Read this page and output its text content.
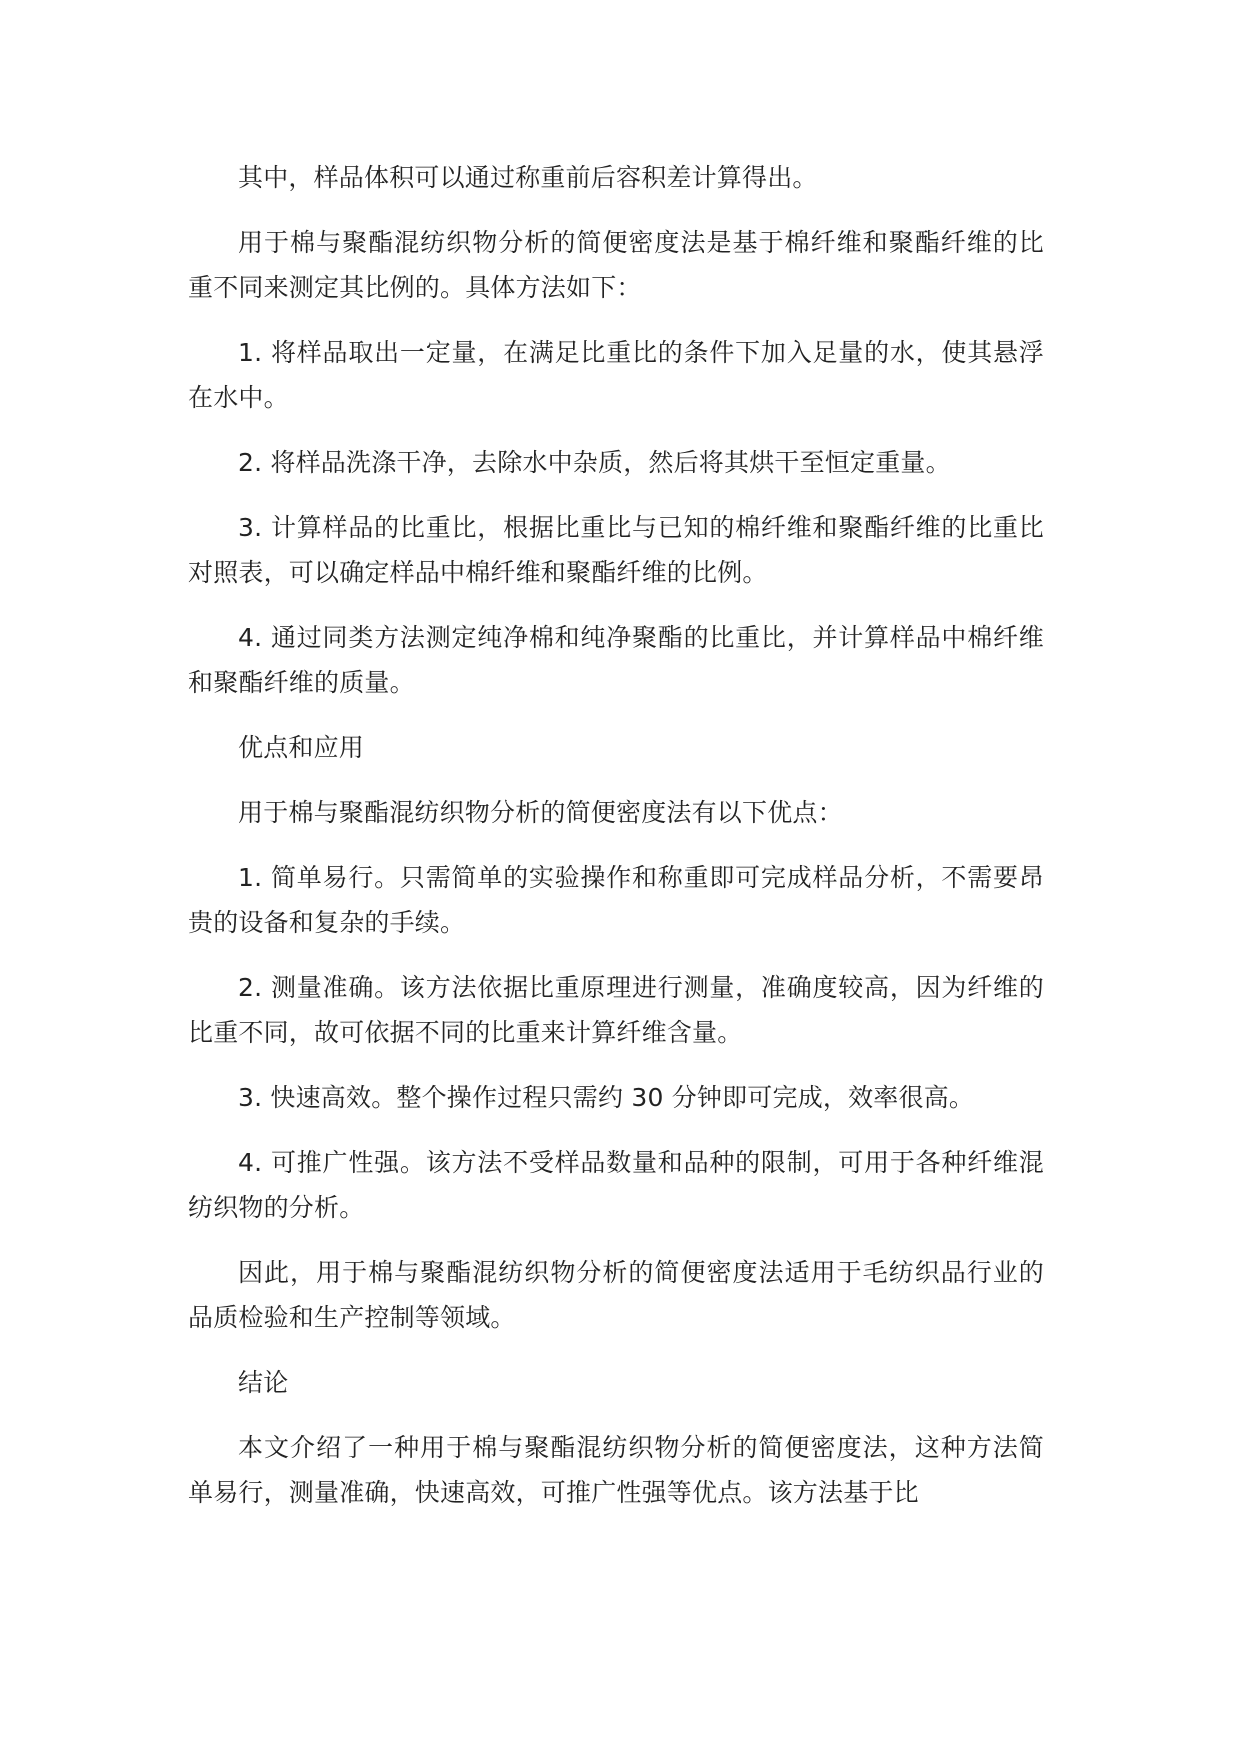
其中，样品体积可以通过称重前后容积差计算得出。

用于棉与聚酯混纺织物分析的简便密度法是基于棉纤维和聚酯纤维的比重不同来测定其比例的。具体方法如下：

1. 将样品取出一定量，在满足比重比的条件下加入足量的水，使其悬浮在水中。

2. 将样品洗涤干净，去除水中杂质，然后将其烘干至恒定重量。

3. 计算样品的比重比，根据比重比与已知的棉纤维和聚酯纤维的比重比对照表，可以确定样品中棉纤维和聚酯纤维的比例。

4. 通过同类方法测定纯净棉和纯净聚酯的比重比，并计算样品中棉纤维和聚酯纤维的质量。

优点和应用

用于棉与聚酯混纺织物分析的简便密度法有以下优点：

1. 简单易行。只需简单的实验操作和称重即可完成样品分析，不需要昂贵的设备和复杂的手续。

2. 测量准确。该方法依据比重原理进行测量，准确度较高，因为纤维的比重不同，故可依据不同的比重来计算纤维含量。

3. 快速高效。整个操作过程只需约 30 分钟即可完成，效率很高。

4. 可推广性强。该方法不受样品数量和品种的限制，可用于各种纤维混纺织物的分析。

因此，用于棉与聚酯混纺织物分析的简便密度法适用于毛纺织品行业的品质检验和生产控制等领域。

结论

本文介绍了一种用于棉与聚酯混纺织物分析的简便密度法，这种方法简单易行，测量准确，快速高效，可推广性强等优点。该方法基于比
